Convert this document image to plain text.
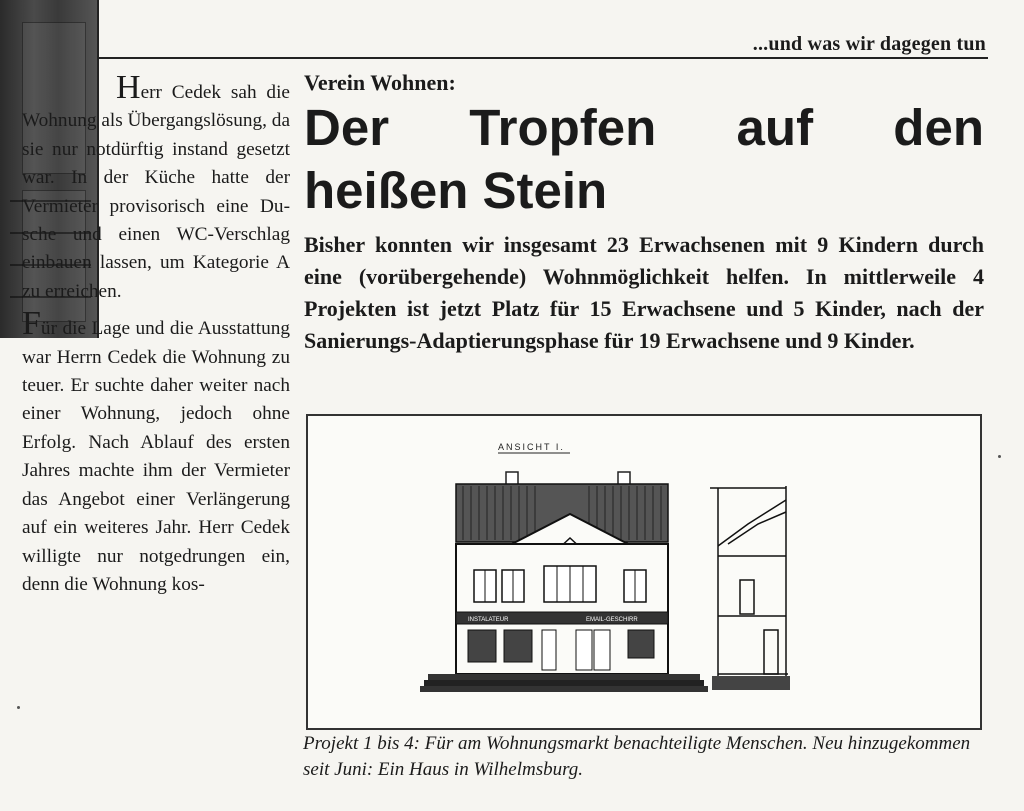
...und was wir dagegen tun

Herr Cedek sah die Wohnung als Übergangslösung, da sie nur notdürftig instand gesetzt war. In der Küche hatte der Vermieter provisorisch eine Dusche und einen WC-Verschlag einbauen lassen, um Kategorie A zu erreichen.

Für die Lage und die Ausstattung war Herrn Cedek die Wohnung zu teuer. Er suchte daher weiter nach einer Wohnung, jedoch ohne Erfolg. Nach Ablauf des ersten Jahres machte ihm der Vermieter das Angebot einer Verlängerung auf ein weiteres Jahr. Herr Cedek willigte nur notgedrungen ein, denn die Wohnung kos-

Verein Wohnen:
Der Tropfen auf den
heißen Stein
Bisher konnten wir insgesamt 23 Erwachsenen mit 9 Kindern durch eine (vorübergehende) Wohnmöglichkeit helfen. In mittlerweile 4 Projekten ist jetzt Platz für 15 Erwachsene und 5 Kinder, nach der Sanierungs-Adaptierungsphase für 19 Erwachsene und 9 Kinder.
ANSICHT I.
INSTALATEUR	EMAIL-GESCHIRR
Projekt 1 bis 4: Für am Wohnungsmarkt benachteiligte Menschen. Neu hinzugekommen seit Juni: Ein Haus in Wilhelmsburg.
